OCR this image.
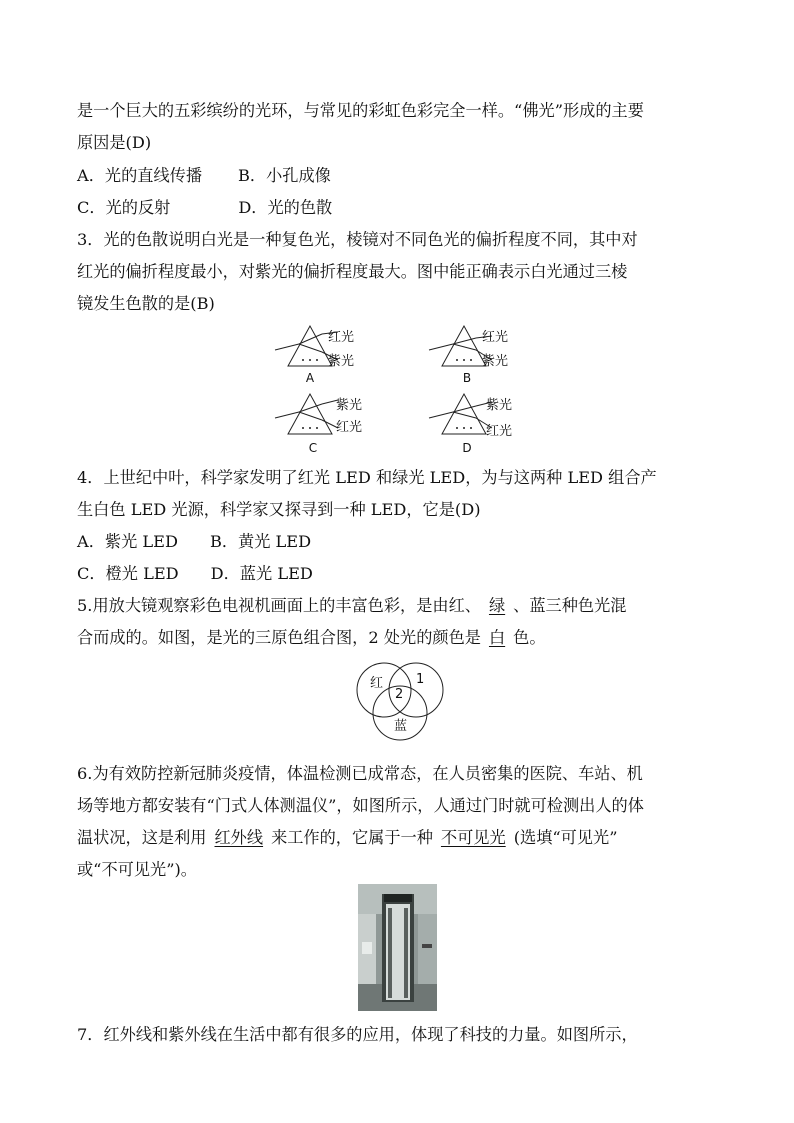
是一个巨大的五彩缤纷的光环，与常见的彩虹色彩完全一样。“佛光”形成的主要
原因是(D)
A．光的直线传播 B．小孔成像
C．光的反射	D．光的色散
3．光的色散说明白光是一种复色光，棱镜对不同色光的偏折程度不同，其中对
红光的偏折程度最小，对紫光的偏折程度最大。图中能正确表示白光通过三棱
镜发生色散的是(B)
红光
紫光
红光
紫光
紫光
红光
紫光
红光
A	B
C	D
4．上世纪中叶，科学家发明了红光 LED 和绿光 LED，为与这两种 LED 组合产
生白色 LED 光源，科学家又探寻到一种 LED，它是(D)
A．紫光 LED B．黄光 LED
C．橙光 LED D．蓝光 LED
5.用放大镜观察彩色电视机画面上的丰富色彩，是由红、 绿 、蓝三种色光混
合而成的。如图，是光的三原色组合图，2 处光的颜色是 白 色。
红	1
2
蓝
6.为有效防控新冠肺炎疫情，体温检测已成常态，在人员密集的医院、车站、机
场等地方都安装有“门式人体测温仪”，如图所示，人通过门时就可检测出人的体
温状况，这是利用 红外线 来工作的，它属于一种 不可见光 (选填“可见光”
或“不可见光”)。
7．红外线和紫外线在生活中都有很多的应用，体现了科技的力量。如图所示，
